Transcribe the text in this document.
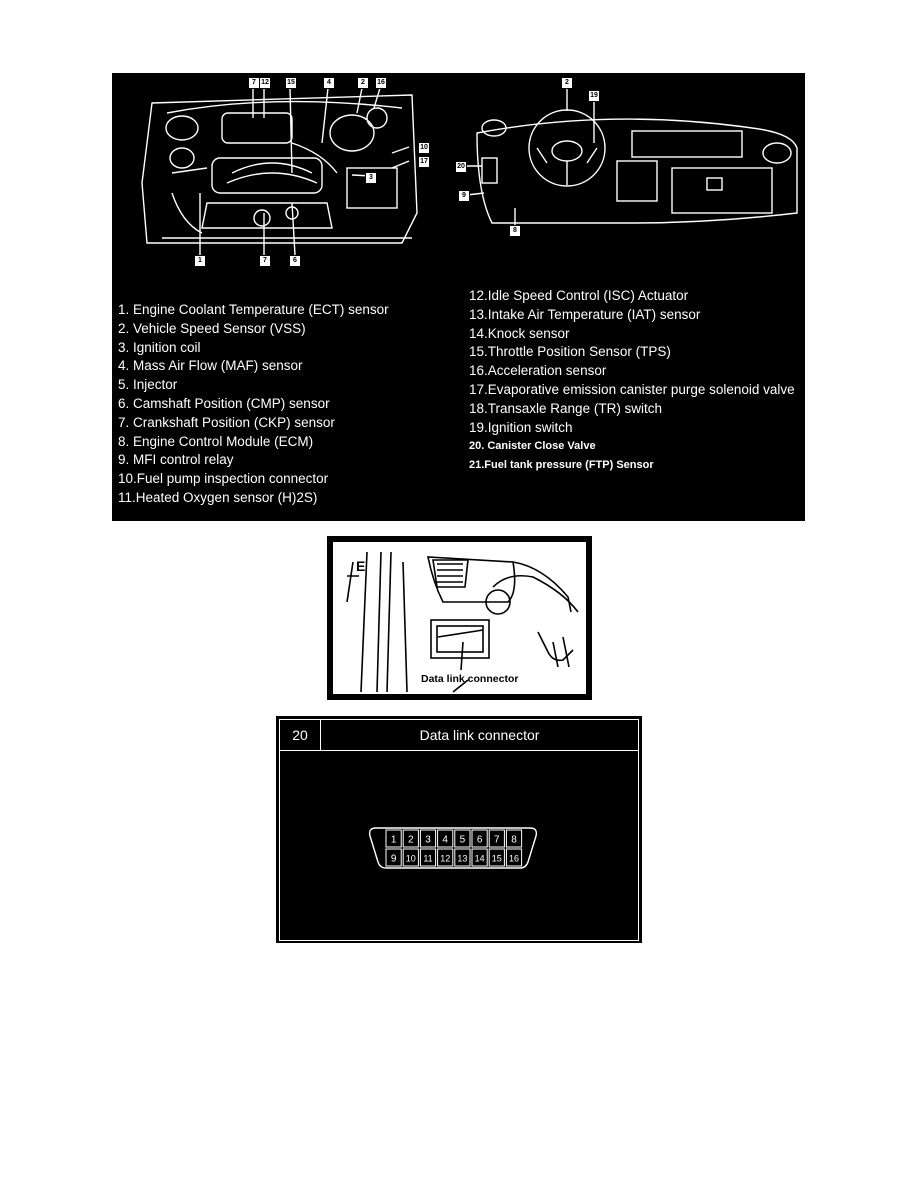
7 12	15	4	2	16
10
17
3
1	7	6
2
19
20
9
8
1. Engine Coolant Temperature (ECT) sensor
2. Vehicle Speed Sensor (VSS)
3. Ignition coil
4. Mass Air Flow (MAF) sensor
5. Injector
6. Camshaft Position (CMP) sensor
7. Crankshaft Position (CKP) sensor
8. Engine Control Module (ECM)
9. MFI control relay
10.Fuel pump inspection connector
11.Heated Oxygen sensor (H)2S)
12.Idle Speed Control (ISC) Actuator
13.Intake Air Temperature (IAT) sensor
14.Knock sensor
15.Throttle Position Sensor (TPS)
16.Acceleration sensor
17.Evaporative emission canister purge solenoid valve
18.Transaxle Range (TR) switch
19.Ignition switch
20. Canister Close Valve
21.Fuel tank pressure (FTP) Sensor
E
Data link connector
20	Data link connector
1 2 3 4 5 6 7 8
9 10 11 12 13 14 15 16
